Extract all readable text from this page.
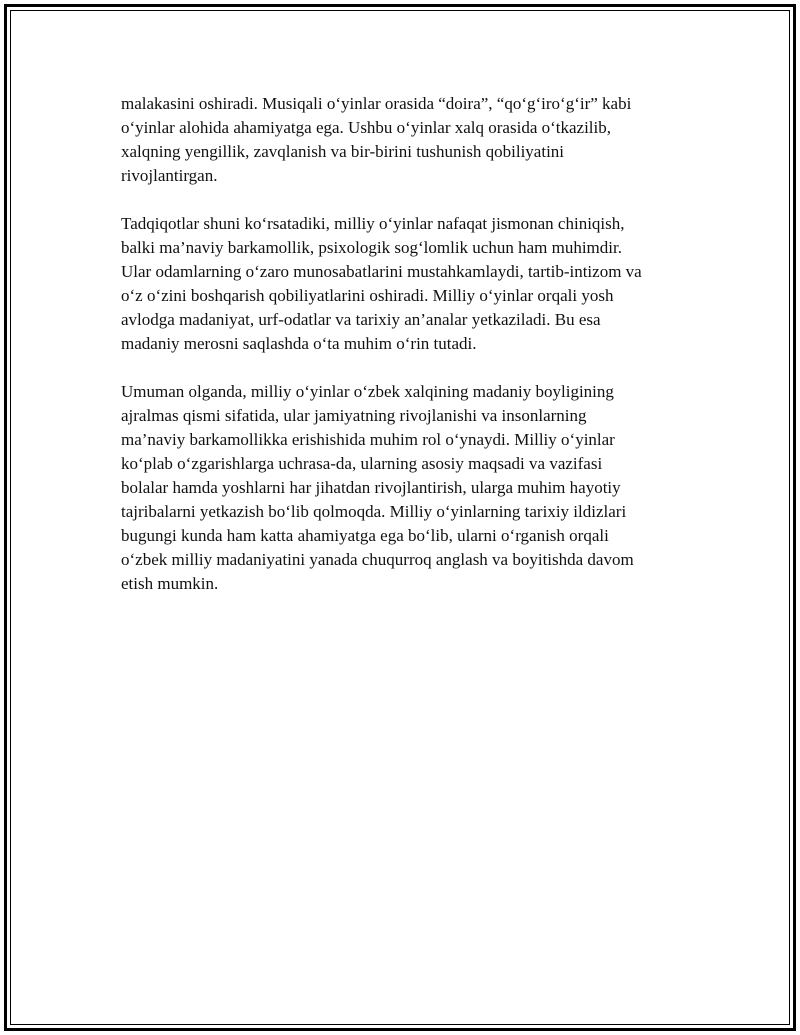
malakasini oshiradi. Musiqali o‘yinlar orasida “doira”, “qo‘g‘iro‘g‘ir” kabi
o‘yinlar alohida ahamiyatga ega. Ushbu o‘yinlar xalq orasida o‘tkazilib,
xalqning yengillik, zavqlanish va bir-birini tushunish qobiliyatini
rivojlantirgan.

Tadqiqotlar shuni ko‘rsatadiki, milliy o‘yinlar nafaqat jismonan chiniqish,
balki ma’naviy barkamollik, psixologik sog‘lomlik uchun ham muhimdir.
Ular odamlarning o‘zaro munosabatlarini mustahkamlaydi, tartib-intizom va
o‘z o‘zini boshqarish qobiliyatlarini oshiradi. Milliy o‘yinlar orqali yosh
avlodga madaniyat, urf-odatlar va tarixiy an’analar yetkaziladi. Bu esa
madaniy merosni saqlashda o‘ta muhim o‘rin tutadi.

Umuman olganda, milliy o‘yinlar o‘zbek xalqining madaniy boyligining
ajralmas qismi sifatida, ular jamiyatning rivojlanishi va insonlarning
ma’naviy barkamollikka erishishida muhim rol o‘ynaydi. Milliy o‘yinlar
ko‘plab o‘zgarishlarga uchrasa-da, ularning asosiy maqsadi va vazifasi
bolalar hamda yoshlarni har jihatdan rivojlantirish, ularga muhim hayotiy
tajribalarni yetkazish bo‘lib qolmoqda. Milliy o‘yinlarning tarixiy ildizlari
bugungi kunda ham katta ahamiyatga ega bo‘lib, ularni o‘rganish orqali
o‘zbek milliy madaniyatini yanada chuqurroq anglash va boyitishda davom
etish mumkin.
